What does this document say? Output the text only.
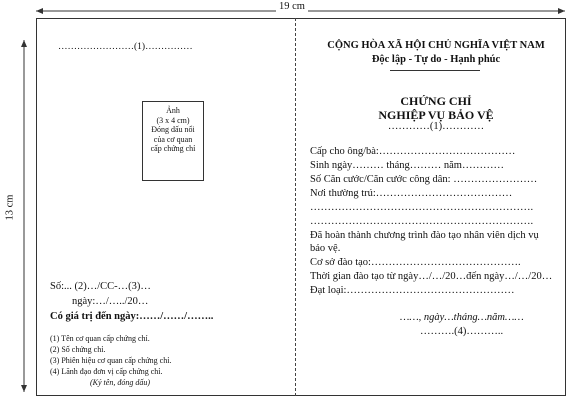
19 cm
13 cm
……………………(1)……………
Ảnh
(3 x 4 cm)
Đóng dấu nổi
của cơ quan
cấp chứng chỉ
Số:... (2)…/CC-…(3)…
ngày:…/…../20…
Có giá trị đến ngày:……/……/……..
(1) Tên cơ quan cấp chứng chỉ.
(2) Số chứng chỉ.
(3) Phiên hiệu cơ quan cấp chứng chỉ.
(4) Lãnh đạo đơn vị cấp chứng chỉ.
(Ký tên, đóng dấu)
CỘNG HÒA XÃ HỘI CHỦ NGHĨA VIỆT NAM
Độc lập - Tự do - Hạnh phúc
CHỨNG CHỈ
NGHIỆP VỤ BẢO VỆ
…………(1)…………
Cấp cho ông/bà:…………………………………
Sinh ngày……… tháng……… năm…………
Số Căn cước/Căn cước công dân: ……………………
Nơi thường trú:…………………………………
……………………………………………………….
……………………………………………………….
Đã hoàn thành chương trình đào tạo nhân viên dịch vụ
bảo vệ.
Cơ sở đào tạo:…………………………………….
Thời gian đào tạo từ ngày…/…/20…đến ngày…/…/20…
Đạt loại:…………………………………………
……, ngày…tháng…năm……
……….(4)………..
